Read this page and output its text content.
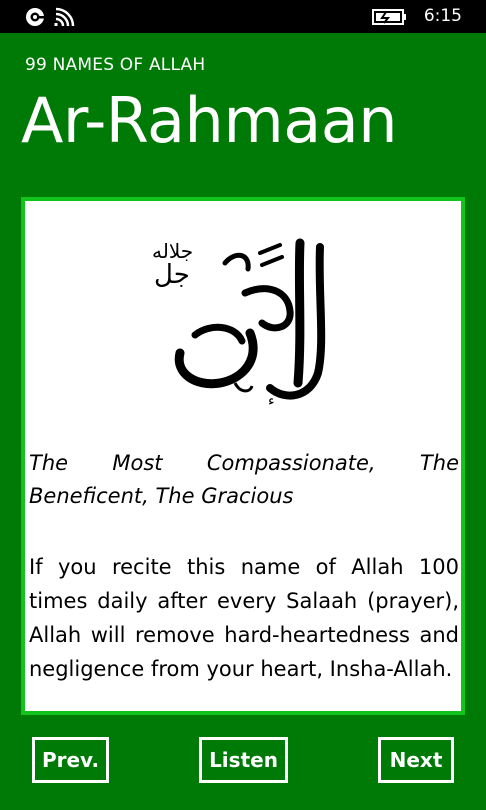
6:15
99 NAMES OF ALLAH
Ar-Rahmaan
جل
جلاله
ء
The Most Compassionate, The Beneficent, The Gracious
If you recite this name of Allah 100 times daily after every Salaah (prayer), Allah will remove hard-heartedness and negligence from your heart, Insha-Allah.
Prev.	Listen	Next
